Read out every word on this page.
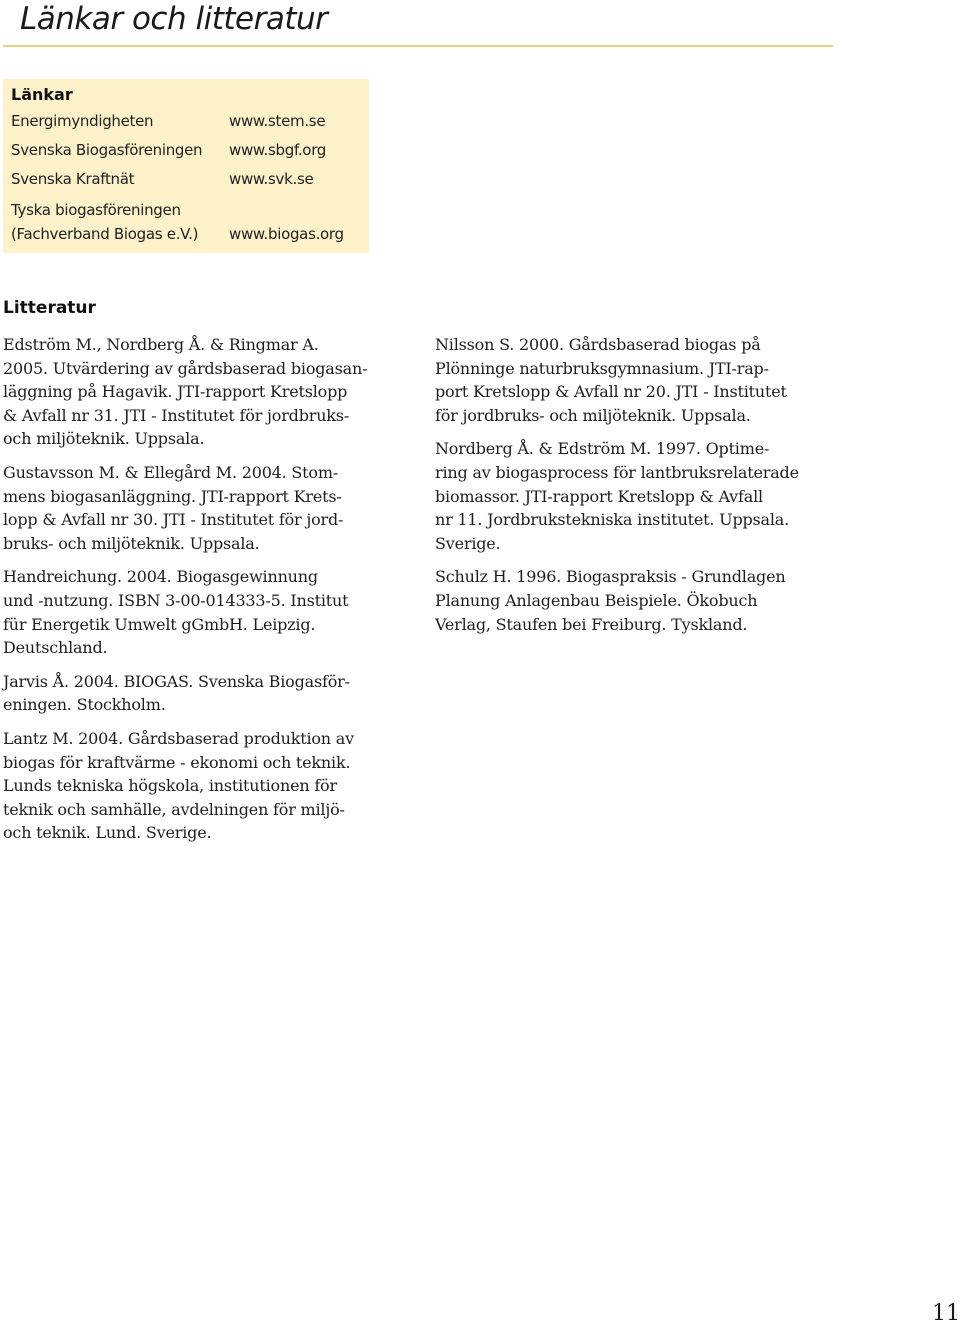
Länkar och litteratur
Länkar
Energimyndigheten	www.stem.se
Svenska Biogasföreningen www.sbgf.org
Svenska Kraftnät	www.svk.se
Tyska biogasföreningen
(Fachverband Biogas e.V.) www.biogas.org
Litteratur

Edström M., Nordberg Å. & Ringmar A.
2005. Utvärdering av gårdsbaserad biogasan-
läggning på Hagavik. JTI-rapport Kretslopp
& Avfall nr 31. JTI - Institutet för jordbruks-
och miljöteknik. Uppsala.

Gustavsson M. & Ellegård M. 2004. Stom-
mens biogasanläggning. JTI-rapport Krets-
lopp & Avfall nr 30. JTI - Institutet för jord-
bruks- och miljöteknik. Uppsala.

Handreichung. 2004. Biogasgewinnung
und -nutzung. ISBN 3-00-014333-5. Institut
für Energetik Umwelt gGmbH. Leipzig.
Deutschland.

Jarvis Å. 2004. BIOGAS. Svenska Biogasför-
eningen. Stockholm.

Lantz M. 2004. Gårdsbaserad produktion av
biogas för kraftvärme - ekonomi och teknik.
Lunds tekniska högskola, institutionen för
teknik och samhälle, avdelningen för miljö-
och teknik. Lund. Sverige.

Nilsson S. 2000. Gårdsbaserad biogas på
Plönninge naturbruksgymnasium. JTI-rap-
port Kretslopp & Avfall nr 20. JTI - Institutet
för jordbruks- och miljöteknik. Uppsala.

Nordberg Å. & Edström M. 1997. Optime-
ring av biogasprocess för lantbruksrelaterade
biomassor. JTI-rapport Kretslopp & Avfall
nr 11. Jordbrukstekniska institutet. Uppsala.
Sverige.

Schulz H. 1996. Biogaspraksis - Grundlagen
Planung Anlagenbau Beispiele. Ökobuch
Verlag, Staufen bei Freiburg. Tyskland.

11
